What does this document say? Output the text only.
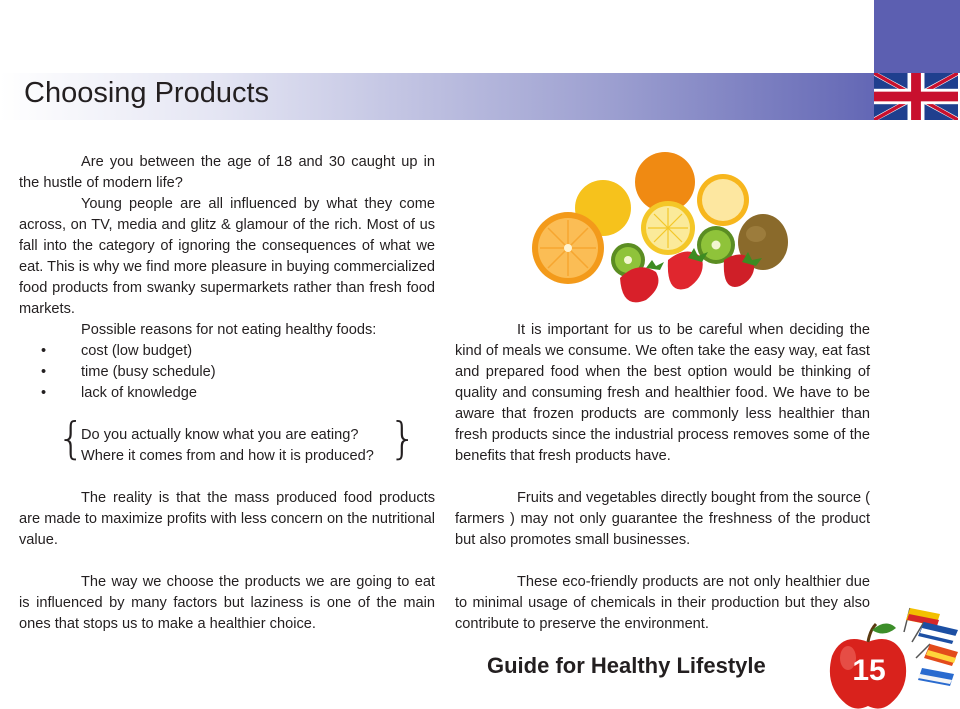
Choosing Products

Are you between the age of 18 and 30 caught up in the hustle of modern life?

Young people are all influenced by what they come across, on TV, media and glitz & glamour of the rich. Most of us fall into the category of ignoring the consequences of what we eat. This is why we find more pleasure in buying commercialized food products from swanky supermarkets rather than fresh food markets.

Possible reasons for not eating healthy foods:

• cost (low budget)
• time (busy schedule)
• lack of knowledge
{
Do you actually know what you are eating?
Where it comes from and how it is produced? }

The reality is that the mass produced food products are made to maximize profits with less concern on the nutritional value.

The way we choose the products we are going to eat is influenced by many factors but laziness is one of the main ones that stops us to make a healthier choice.

It is important for us to be careful when deciding the kind of meals we consume. We often take the easy way, eat fast and prepared food when the best option would be thinking of quality and consuming fresh and healthier food. We have to be aware that frozen products are commonly less healthier than fresh products since the industrial process removes some of the benefits that fresh products have.

Fruits and vegetables directly bought from the source ( farmers ) may not only guarantee the freshness of the product but also promotes small businesses.

These eco-friendly products are not only healthier due to minimal usage of chemicals in their production but they also contribute to preserve the environment.

Guide for Healthy Lifestyle	15
